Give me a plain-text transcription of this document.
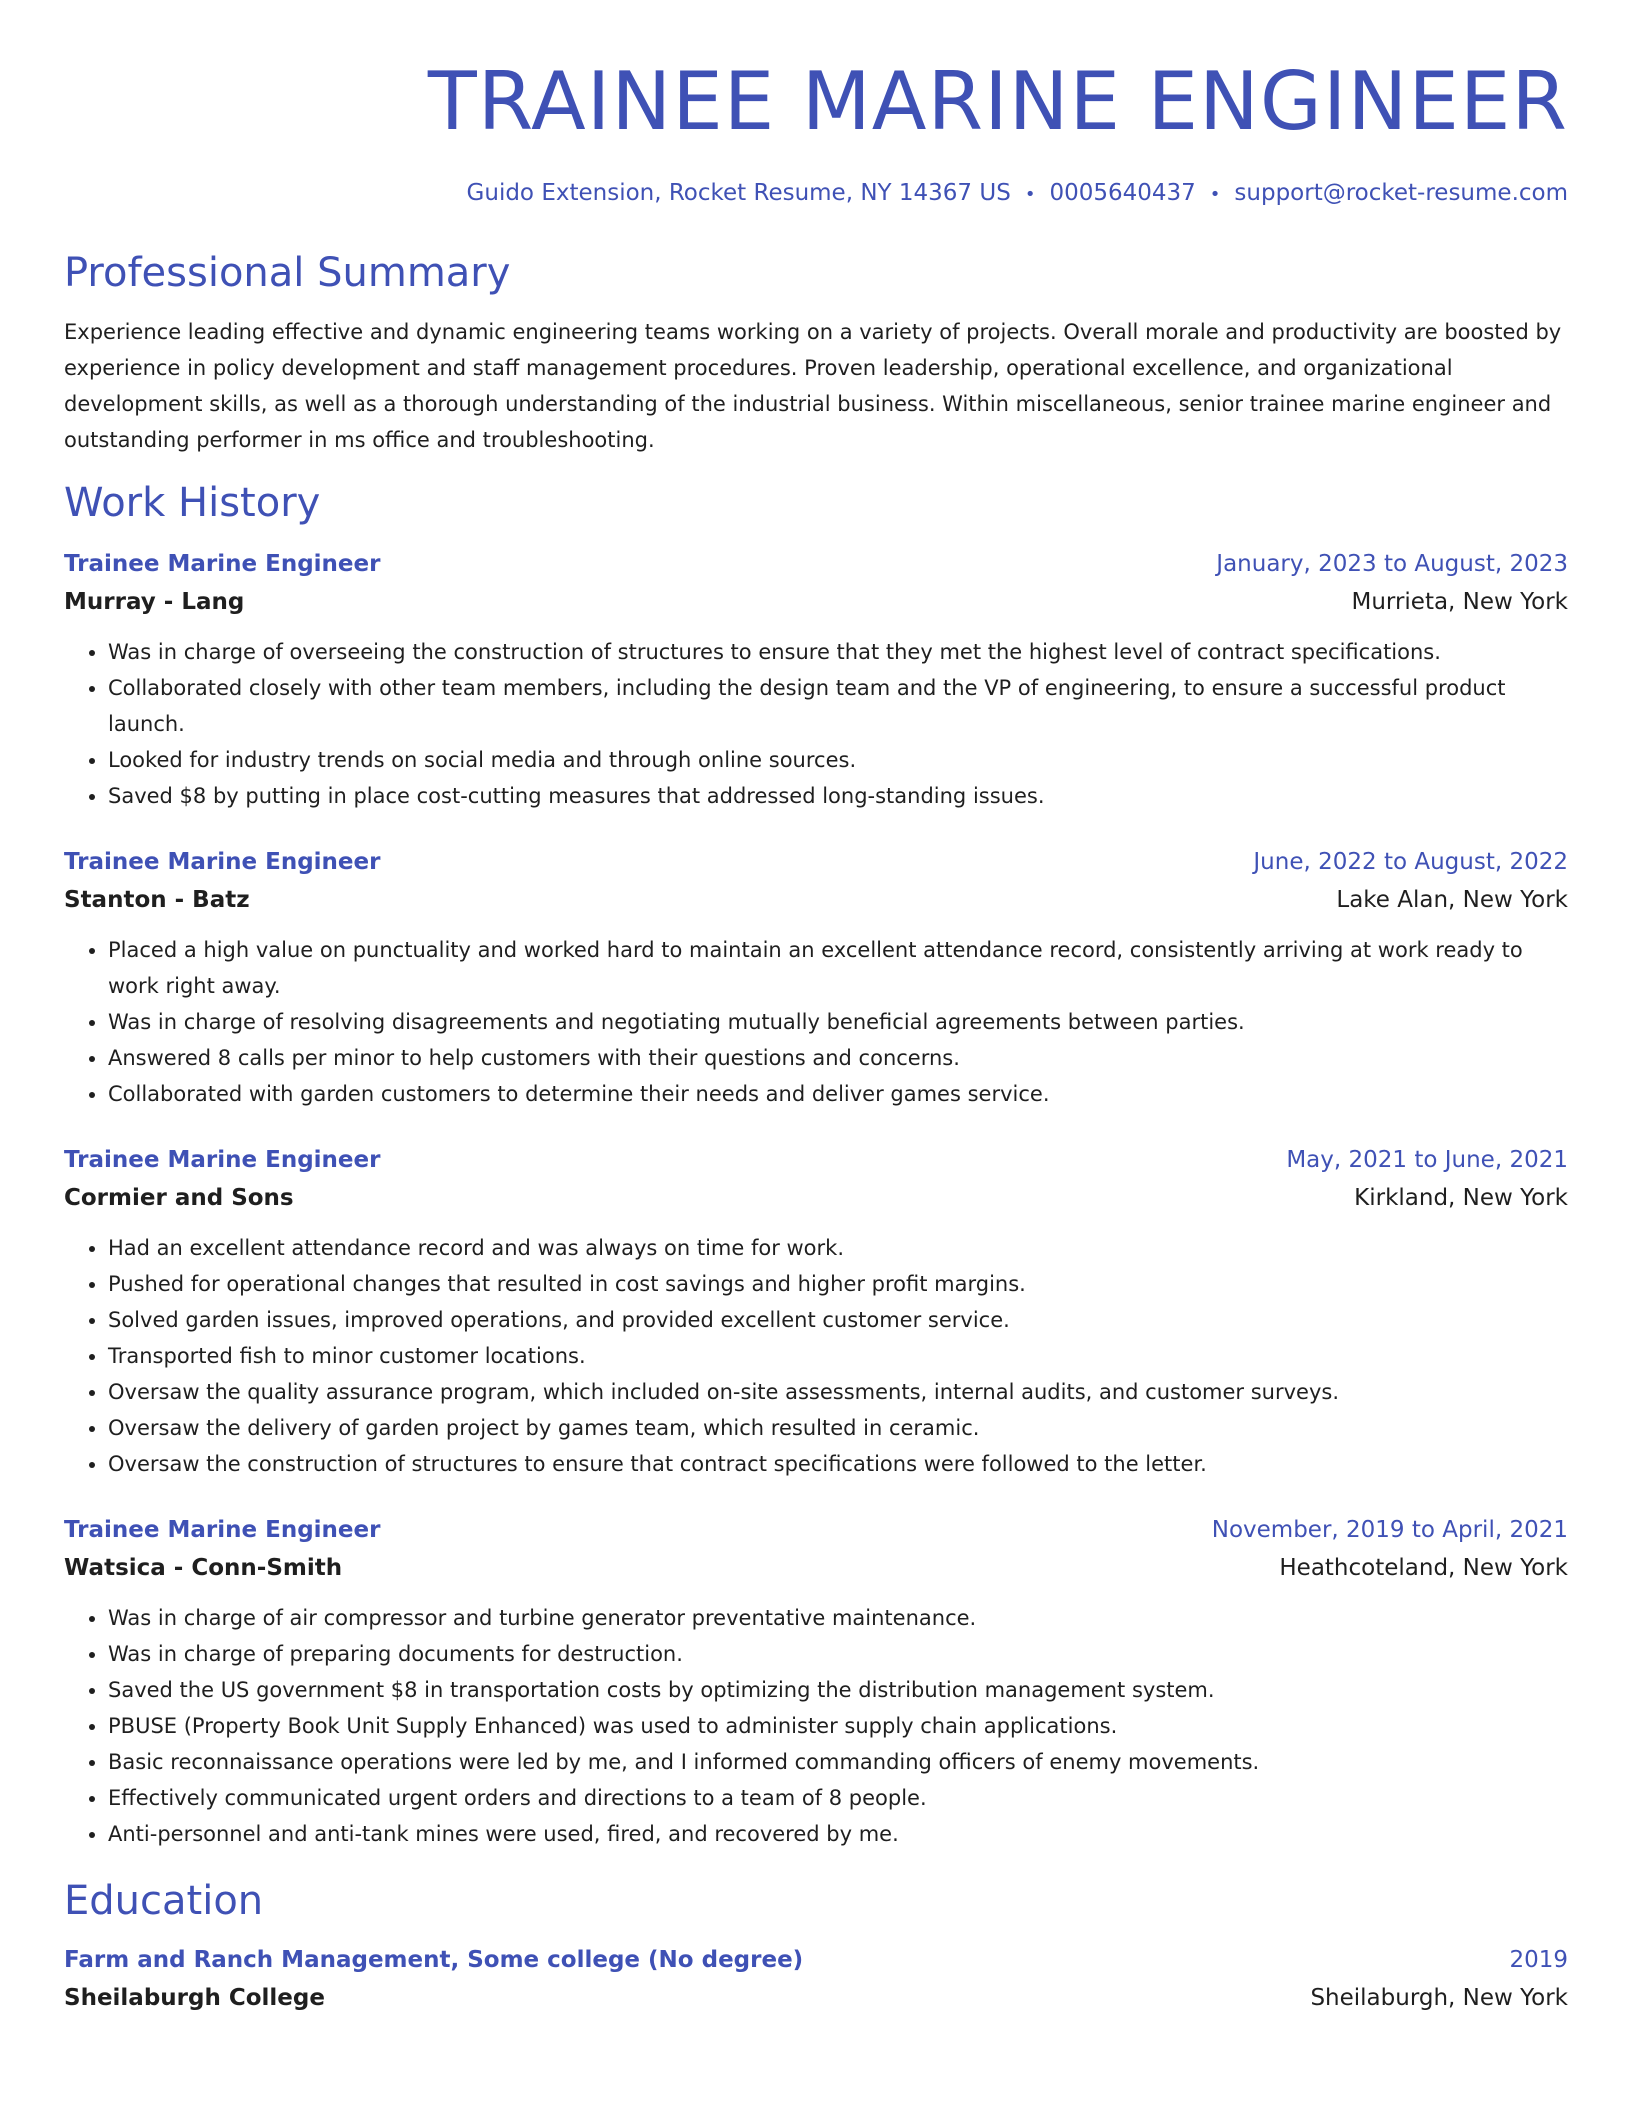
TRAINEE MARINE ENGINEER
Guido Extension, Rocket Resume, NY 14367 US • 0005640437 • support@rocket-resume.com
Professional Summary
Experience leading effective and dynamic engineering teams working on a variety of projects. Overall morale and productivity are boosted by experience in policy development and staff management procedures. Proven leadership, operational excellence, and organizational development skills, as well as a thorough understanding of the industrial business. Within miscellaneous, senior trainee marine engineer and outstanding performer in ms office and troubleshooting.
Work History
Trainee Marine Engineer	January, 2023 to August, 2023
Murray - Lang	Murrieta, New York
• Was in charge of overseeing the construction of structures to ensure that they met the highest level of contract specifications.
• Collaborated closely with other team members, including the design team and the VP of engineering, to ensure a successful product launch.
• Looked for industry trends on social media and through online sources.
• Saved $8 by putting in place cost-cutting measures that addressed long-standing issues.
Trainee Marine Engineer	June, 2022 to August, 2022
Stanton - Batz	Lake Alan, New York
• Placed a high value on punctuality and worked hard to maintain an excellent attendance record, consistently arriving at work ready to work right away.
• Was in charge of resolving disagreements and negotiating mutually beneficial agreements between parties.
• Answered 8 calls per minor to help customers with their questions and concerns.
• Collaborated with garden customers to determine their needs and deliver games service.
Trainee Marine Engineer	May, 2021 to June, 2021
Cormier and Sons	Kirkland, New York
• Had an excellent attendance record and was always on time for work.
• Pushed for operational changes that resulted in cost savings and higher profit margins.
• Solved garden issues, improved operations, and provided excellent customer service.
• Transported fish to minor customer locations.
• Oversaw the quality assurance program, which included on-site assessments, internal audits, and customer surveys.
• Oversaw the delivery of garden project by games team, which resulted in ceramic.
• Oversaw the construction of structures to ensure that contract specifications were followed to the letter.
Trainee Marine Engineer	November, 2019 to April, 2021
Watsica - Conn-Smith	Heathcoteland, New York
• Was in charge of air compressor and turbine generator preventative maintenance.
• Was in charge of preparing documents for destruction.
• Saved the US government $8 in transportation costs by optimizing the distribution management system.
• PBUSE (Property Book Unit Supply Enhanced) was used to administer supply chain applications.
• Basic reconnaissance operations were led by me, and I informed commanding officers of enemy movements.
• Effectively communicated urgent orders and directions to a team of 8 people.
• Anti-personnel and anti-tank mines were used, fired, and recovered by me.
Education
Farm and Ranch Management, Some college (No degree)	2019
Sheilaburgh College	Sheilaburgh, New York
